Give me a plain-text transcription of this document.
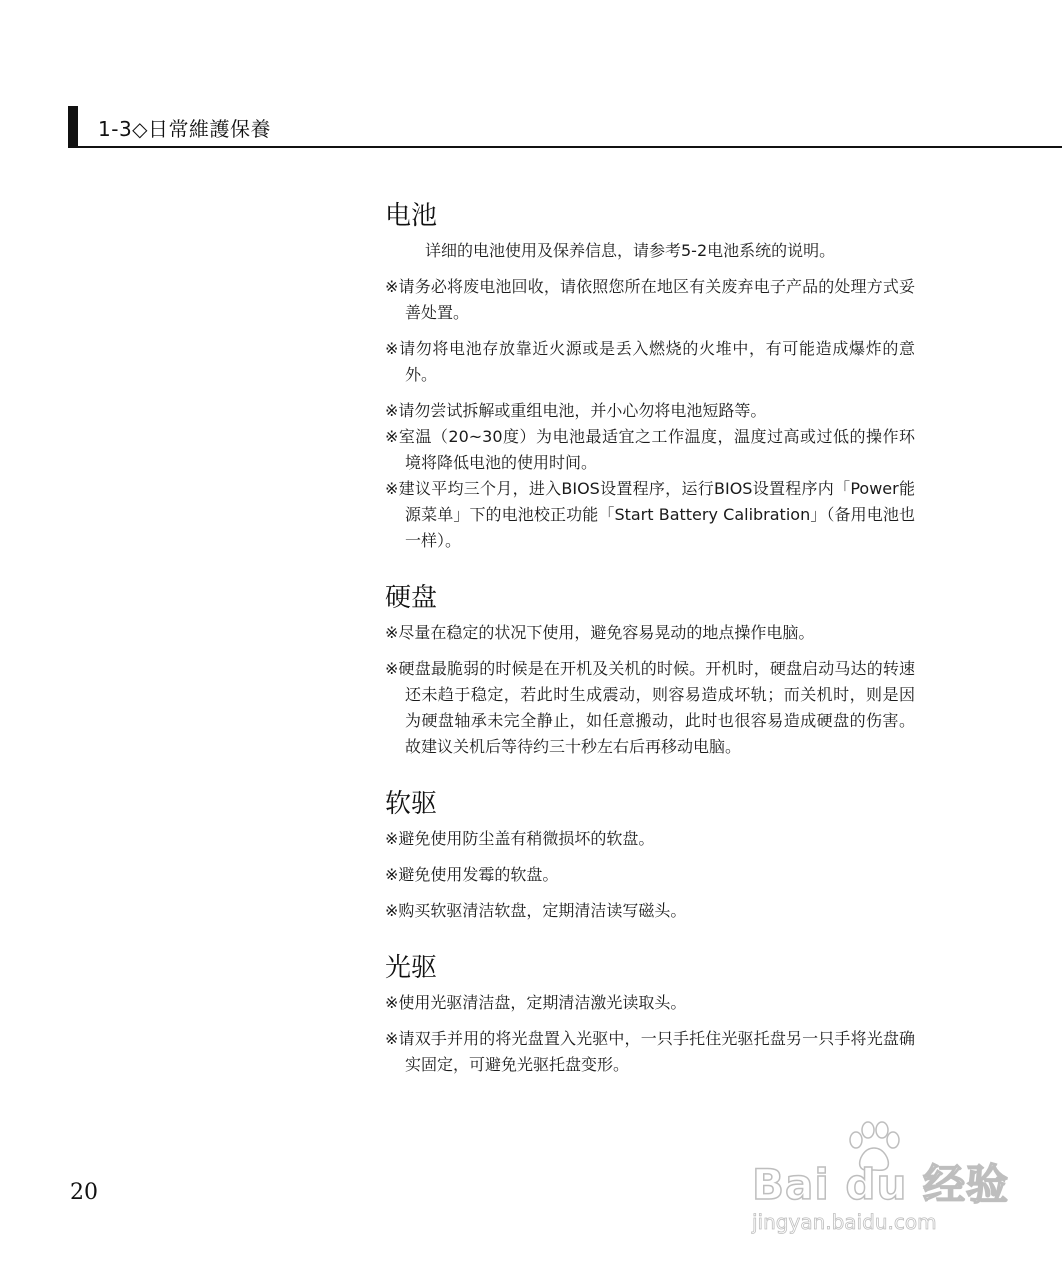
1-3◇日常維護保養
电池

详细的电池使用及保养信息，请参考5-2电池系统的说明。

※请务必将废电池回收，请依照您所在地区有关废弃电子产品的处理方式妥善处置。

※请勿将电池存放靠近火源或是丢入燃烧的火堆中，有可能造成爆炸的意外。

※请勿尝试拆解或重组电池，并小心勿将电池短路等。

※室温（20~30度）为电池最适宜之工作温度，温度过高或过低的操作环境将降低电池的使用时间。

※建议平均三个月，进入BIOS设置程序，运行BIOS设置程序内「Power能源菜单」下的电池校正功能「Start Battery Calibration」（备用电池也一样）。

硬盘

※尽量在稳定的状况下使用，避免容易晃动的地点操作电脑。

※硬盘最脆弱的时候是在开机及关机的时候。开机时，硬盘启动马达的转速还未趋于稳定，若此时生成震动，则容易造成坏轨；而关机时，则是因为硬盘轴承未完全静止，如任意搬动，此时也很容易造成硬盘的伤害。故建议关机后等待约三十秒左右后再移动电脑。

软驱

※避免使用防尘盖有稍微损坏的软盘。

※避免使用发霉的软盘。

※购买软驱清洁软盘，定期清洁读写磁头。

光驱

※使用光驱清洁盘，定期清洁激光读取头。

※请双手并用的将光盘置入光驱中，一只手托住光驱托盘另一只手将光盘确实固定，可避免光驱托盘变形。

20	Bai du 经验
jingyan.baidu.com
